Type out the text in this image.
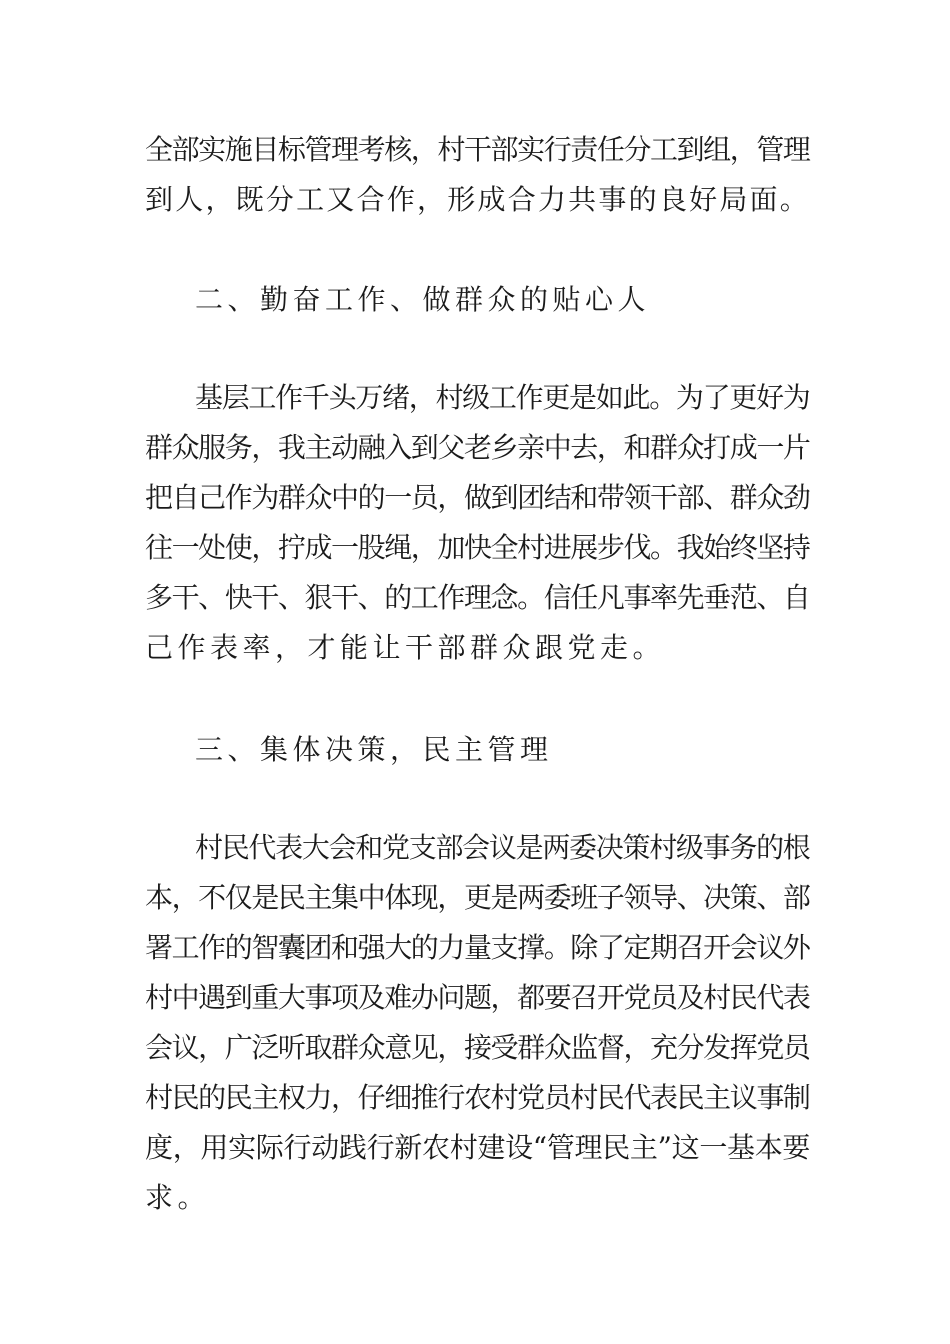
全部实施目标管理考核，村干部实行责任分工到组，管理
到人，既分工又合作，形成合力共事的良好局面。
二、勤奋工作、做群众的贴心人
基层工作千头万绪，村级工作更是如此。为了更好为
群众服务，我主动融入到父老乡亲中去，和群众打成一片
把自己作为群众中的一员，做到团结和带领干部、群众劲
往一处使，拧成一股绳，加快全村进展步伐。我始终坚持
多干、快干、狠干、的工作理念。信任凡事率先垂范、自
己作表率，才能让干部群众跟党走。
三、集体决策，民主管理
村民代表大会和党支部会议是两委决策村级事务的根
本，不仅是民主集中体现，更是两委班子领导、决策、部
署工作的智囊团和强大的力量支撑。除了定期召开会议外
村中遇到重大事项及难办问题，都要召开党员及村民代表
会议，广泛听取群众意见，接受群众监督，充分发挥党员
村民的民主权力，仔细推行农村党员村民代表民主议事制
度，用实际行动践行新农村建设“管理民主”这一基本要
求。
